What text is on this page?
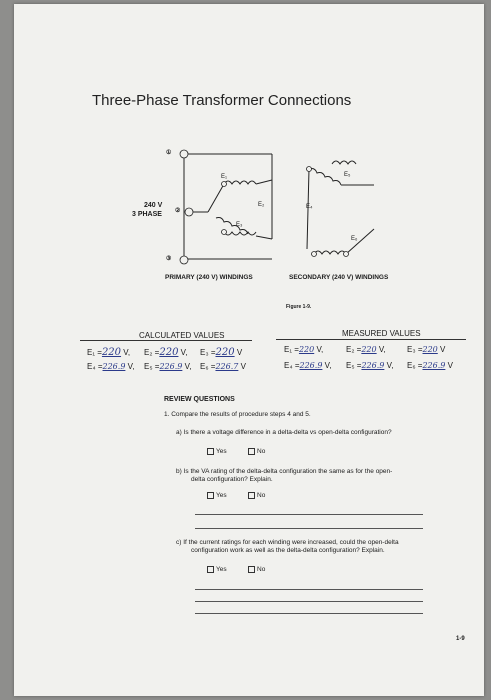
Three-Phase Transformer Connections
①
②
③
240 V
3 PHASE
E₁
E₂
E₃
E₄
E₅
E₆
PRIMARY (240 V) WINDINGS	SECONDARY (240 V) WINDINGS
Figure 1-9.
CALCULATED VALUES
E₁ =220 V, E₂ =220 V, E₃ =220 V
E₄ =226.9 V, E₅ =226.9 V, E₆ =226.7 V
MEASURED VALUES
E₁ =220 V,	E₂ =220 V,	E₃ =220 V
E₄ =226.9 V, E₅ =226.9 V, E₆ =226.9 V
REVIEW QUESTIONS
1. Compare the results of procedure steps 4 and 5.
a) Is there a voltage difference in a delta-delta vs open-delta configuration?
Yes	No
b) Is the VA rating of the delta-delta configuration the same as for the open-
delta configuration? Explain.
Yes	No
c) If the current ratings for each winding were increased, could the open-delta
configuration work as well as the delta-delta configuration? Explain.
Yes	No
1-9
